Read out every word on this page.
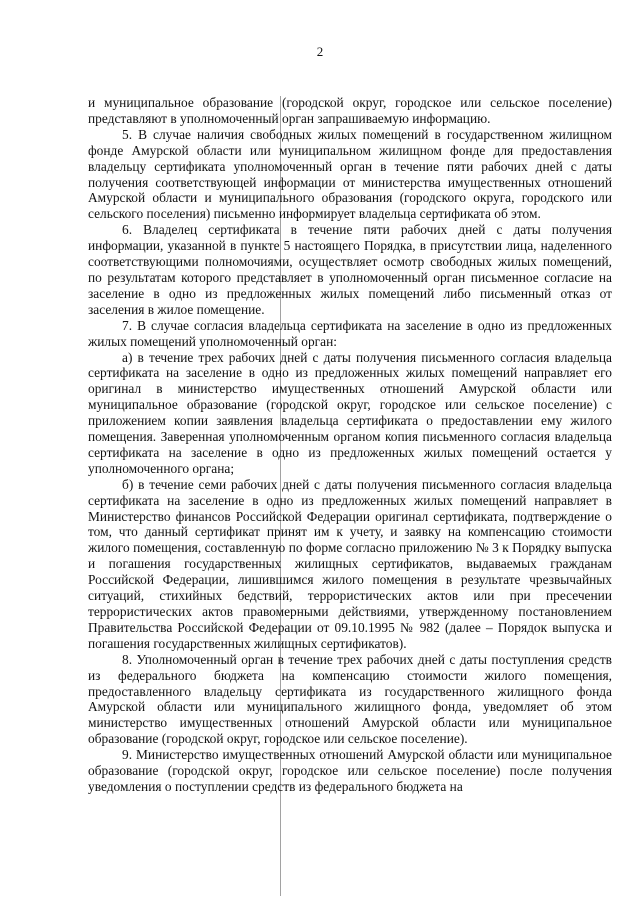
2

и муниципальное образование (городской округ, городское или сельское поселение) представляют в уполномоченный орган запрашиваемую информацию.

5. В случае наличия свободных жилых помещений в государственном жилищном фонде Амурской области или муниципальном жилищном фонде для предоставления владельцу сертификата уполномоченный орган в течение пяти рабочих дней с даты получения соответствующей информации от министерства имущественных отношений Амурской области и муниципального образования (городского округа, городского или сельского поселения) письменно информирует владельца сертификата об этом.

6. Владелец сертификата в течение пяти рабочих дней с даты получения информации, указанной в пункте 5 настоящего Порядка, в присутствии лица, наделенного соответствующими полномочиями, осуществляет осмотр свободных жилых помещений, по результатам которого представляет в уполномоченный орган письменное согласие на заселение в одно из предложенных жилых помещений либо письменный отказ от заселения в жилое помещение.

7. В случае согласия владельца сертификата на заселение в одно из предложенных жилых помещений уполномоченный орган:

а) в течение трех рабочих дней с даты получения письменного согласия владельца сертификата на заселение в одно из предложенных жилых помещений направляет его оригинал в министерство имущественных отношений Амурской области или муниципальное образование (городской округ, городское или сельское поселение) с приложением копии заявления владельца сертификата о предоставлении ему жилого помещения. Заверенная уполномоченным органом копия письменного согласия владельца сертификата на заселение в одно из предложенных жилых помещений остается у уполномоченного органа;

б) в течение семи рабочих дней с даты получения письменного согласия владельца сертификата на заселение в одно из предложенных жилых помещений направляет в Министерство финансов Российской Федерации оригинал сертификата, подтверждение о том, что данный сертификат принят им к учету, и заявку на компенсацию стоимости жилого помещения, составленную по форме согласно приложению № 3 к Порядку выпуска и погашения государственных жилищных сертификатов, выдаваемых гражданам Российской Федерации, лишившимся жилого помещения в результате чрезвычайных ситуаций, стихийных бедствий, террористических актов или при пресечении террористических актов правомерными действиями, утвержденному постановлением Правительства Российской Федерации от 09.10.1995 № 982 (далее – Порядок выпуска и погашения государственных жилищных сертификатов).

8. Уполномоченный орган в течение трех рабочих дней с даты поступления средств из федерального бюджета на компенсацию стоимости жилого помещения, предоставленного владельцу сертификата из государственного жилищного фонда Амурской области или муниципального жилищного фонда, уведомляет об этом министерство имущественных отношений Амурской области или муниципальное образование (городской округ, городское или сельское поселение).

9. Министерство имущественных отношений Амурской области или муниципальное образование (городской округ, городское или сельское поселение) после получения уведомления о поступлении средств из федерального бюджета на
